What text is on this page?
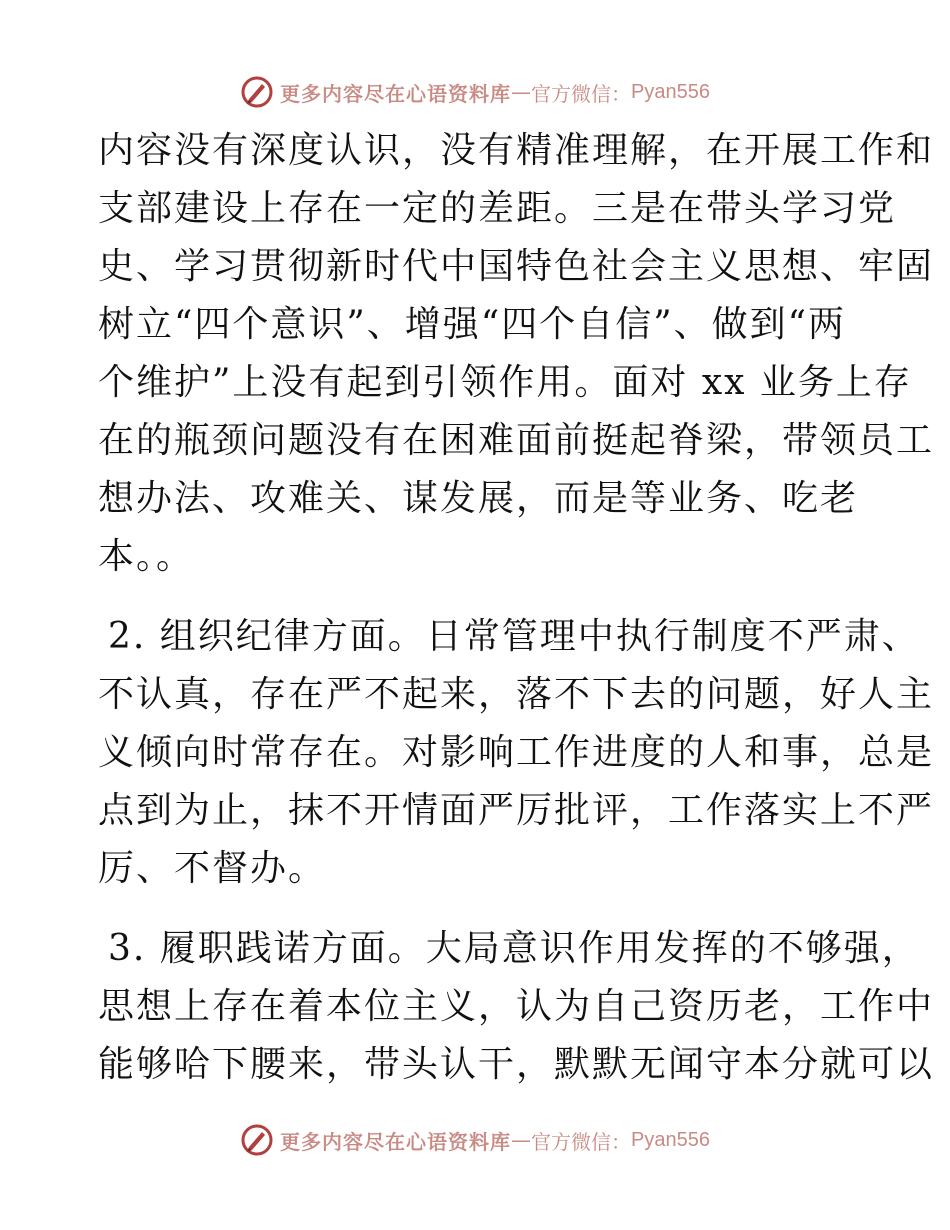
更多内容尽在心语资料库 — 官方微信： Pyan556
内容没有深度认识，没有精准理解，在开展工作和
支部建设上存在一定的差距。三是在带头学习党
史、学习贯彻新时代中国特色社会主义思想、牢固
树立“四个意识”、增强“四个自信”、做到“两
个维护”上没有起到引领作用。面对 xx 业务上存
在的瓶颈问题没有在困难面前挺起脊梁，带领员工
想办法、攻难关、谋发展，而是等业务、吃老
本。。
2. 组织纪律方面。日常管理中执行制度不严肃、
不认真，存在严不起来，落不下去的问题，好人主
义倾向时常存在。对影响工作进度的人和事，总是
点到为止，抹不开情面严厉批评，工作落实上不严
厉、不督办。
3. 履职践诺方面。大局意识作用发挥的不够强，
思想上存在着本位主义，认为自己资历老，工作中
能够哈下腰来，带头认干，默默无闻守本分就可以
更多内容尽在心语资料库 — 官方微信： Pyan556
